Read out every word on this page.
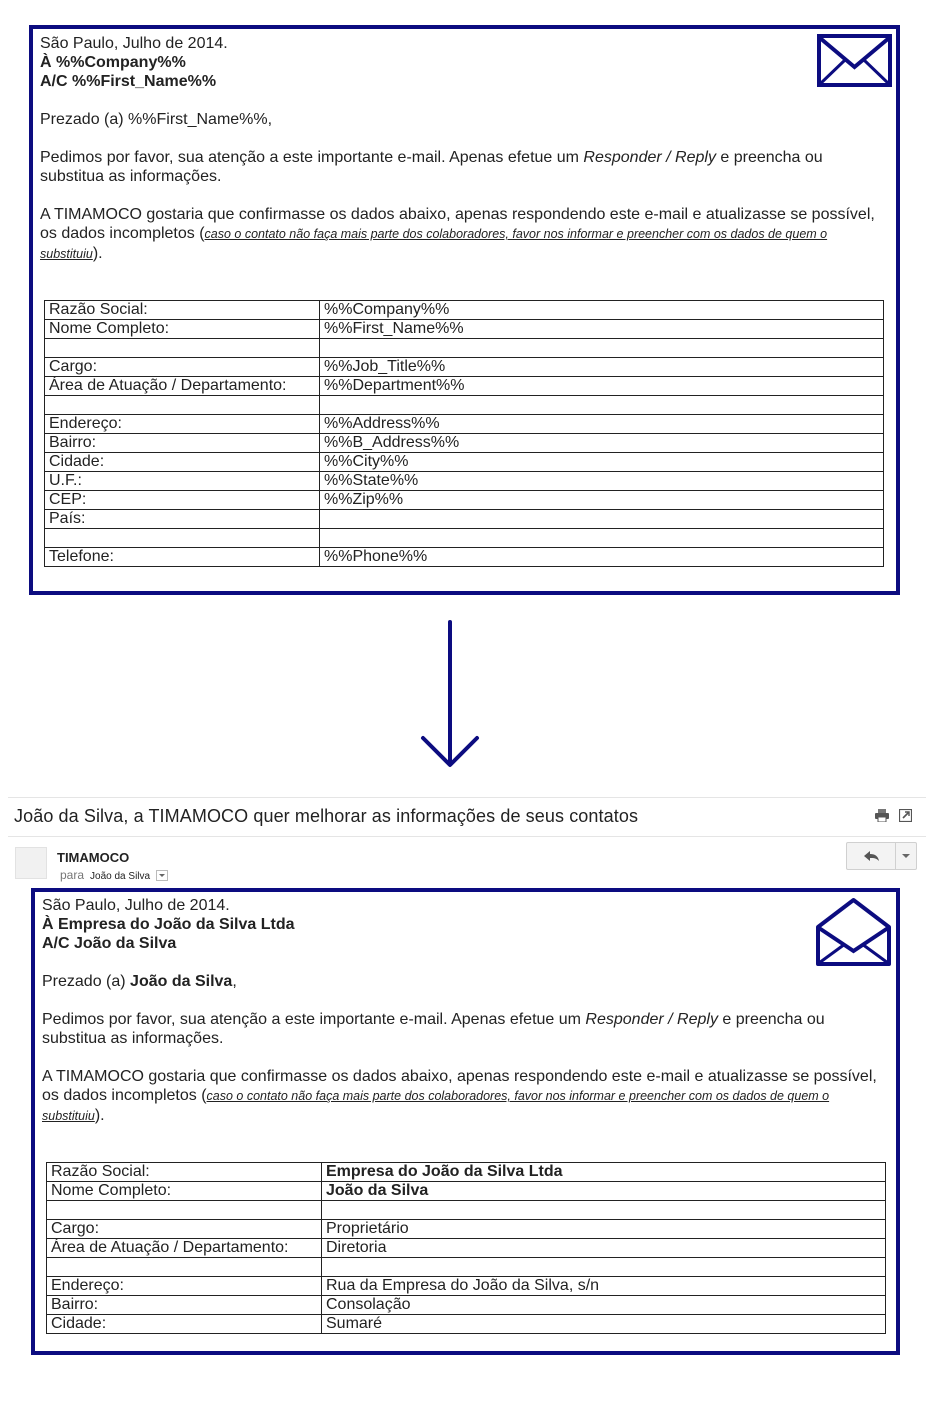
São Paulo, Julho de 2014.

À %%Company%%

A/C %%First_Name%%

Prezado (a) %%First_Name%%,

Pedimos por favor, sua atenção a este importante e-mail. Apenas efetue um Responder / Reply e preencha ou substitua as informações.

A TIMAMOCO gostaria que confirmasse os dados abaixo, apenas respondendo este e-mail e atualizasse se possível, os dados incompletos (caso o contato não faça mais parte dos colaboradores, favor nos informar e preencher com os dados de quem o substituiu).

Razão Social:	%%Company%%
Nome Completo:	%%First_Name%%

Cargo:	%%Job_Title%%
Área de Atuação / Departamento:	%%Department%%

Endereço:	%%Address%%
Bairro:	%%B_Address%%
Cidade:	%%City%%
U.F.:	%%State%%
CEP:	%%Zip%%
País:	

Telefone:	%%Phone%%
João da Silva, a TIMAMOCO quer melhorar as informações de seus contatos
TIMAMOCO
para João da Silva

São Paulo, Julho de 2014.

À Empresa do João da Silva Ltda

A/C João da Silva

Prezado (a) João da Silva,

Pedimos por favor, sua atenção a este importante e-mail. Apenas efetue um Responder / Reply e preencha ou substitua as informações.

A TIMAMOCO gostaria que confirmasse os dados abaixo, apenas respondendo este e-mail e atualizasse se possível, os dados incompletos (caso o contato não faça mais parte dos colaboradores, favor nos informar e preencher com os dados de quem o substituiu).

Razão Social:	Empresa do João da Silva Ltda
Nome Completo:	João da Silva

Cargo:	Proprietário
Área de Atuação / Departamento:	Diretoria

Endereço:	Rua da Empresa do João da Silva, s/n
Bairro:	Consolação
Cidade:	Sumaré
